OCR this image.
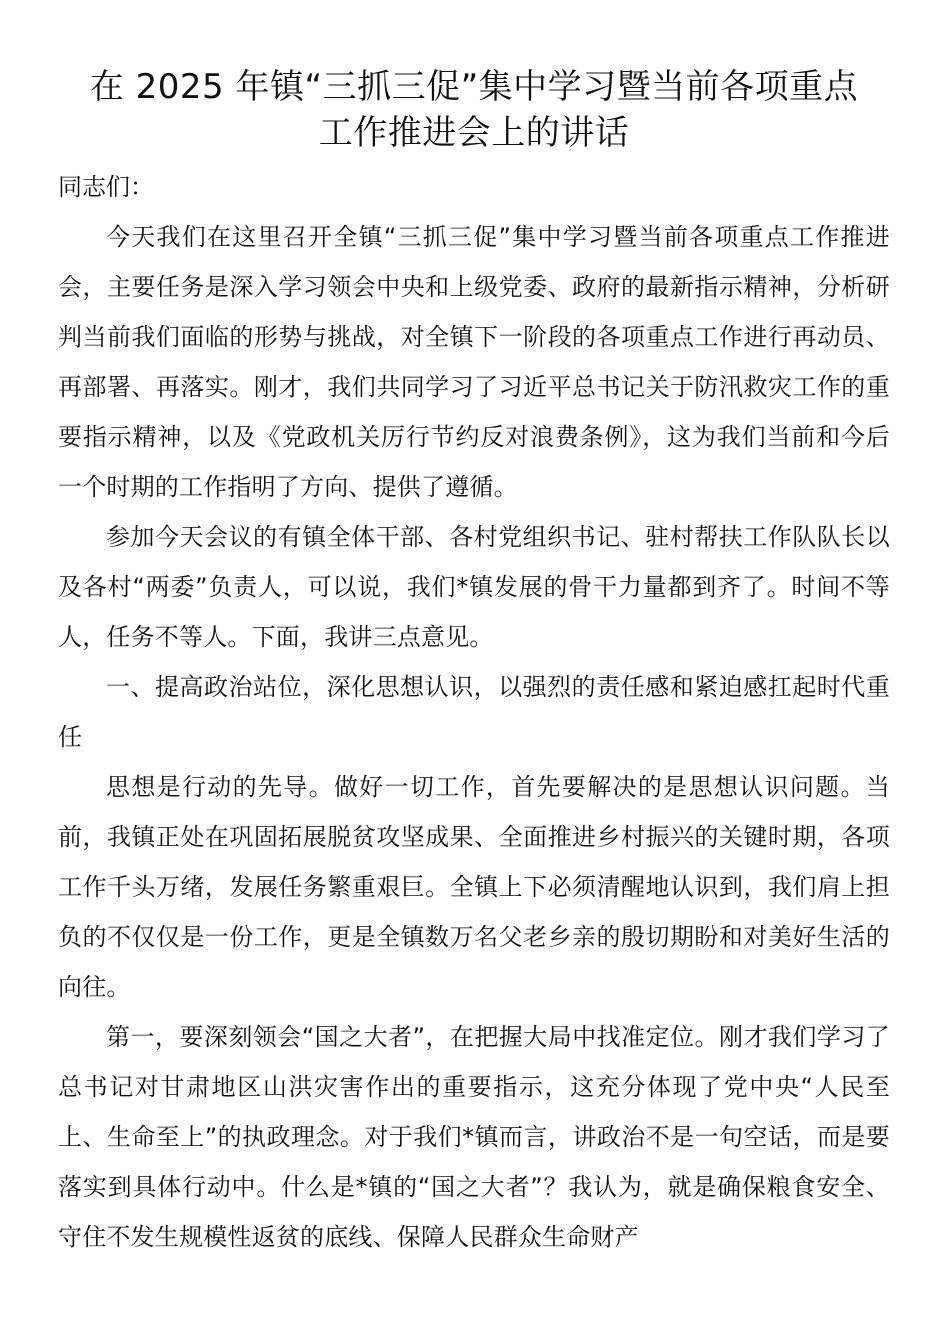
在 2025 年镇“三抓三促”集中学习暨当前各项重点
工作推进会上的讲话

同志们：

今天我们在这里召开全镇“三抓三促”集中学习暨当前各项重点工作推进会，主要任务是深入学习领会中央和上级党委、政府的最新指示精神，分析研判当前我们面临的形势与挑战，对全镇下一阶段的各项重点工作进行再动员、再部署、再落实。刚才，我们共同学习了习近平总书记关于防汛救灾工作的重要指示精神，以及《党政机关厉行节约反对浪费条例》，这为我们当前和今后一个时期的工作指明了方向、提供了遵循。

参加今天会议的有镇全体干部、各村党组织书记、驻村帮扶工作队队长以及各村“两委”负责人，可以说，我们*镇发展的骨干力量都到齐了。时间不等人，任务不等人。下面，我讲三点意见。

一、提高政治站位，深化思想认识，以强烈的责任感和紧迫感扛起时代重任

思想是行动的先导。做好一切工作，首先要解决的是思想认识问题。当前，我镇正处在巩固拓展脱贫攻坚成果、全面推进乡村振兴的关键时期，各项工作千头万绪，发展任务繁重艰巨。全镇上下必须清醒地认识到，我们肩上担负的不仅仅是一份工作，更是全镇数万名父老乡亲的殷切期盼和对美好生活的向往。

第一，要深刻领会“国之大者”，在把握大局中找准定位。刚才我们学习了总书记对甘肃地区山洪灾害作出的重要指示，这充分体现了党中央“人民至上、生命至上”的执政理念。对于我们*镇而言，讲政治不是一句空话，而是要落实到具体行动中。什么是*镇的“国之大者”？我认为，就是确保粮食安全、守住不发生规模性返贫的底线、保障人民群众生命财产
